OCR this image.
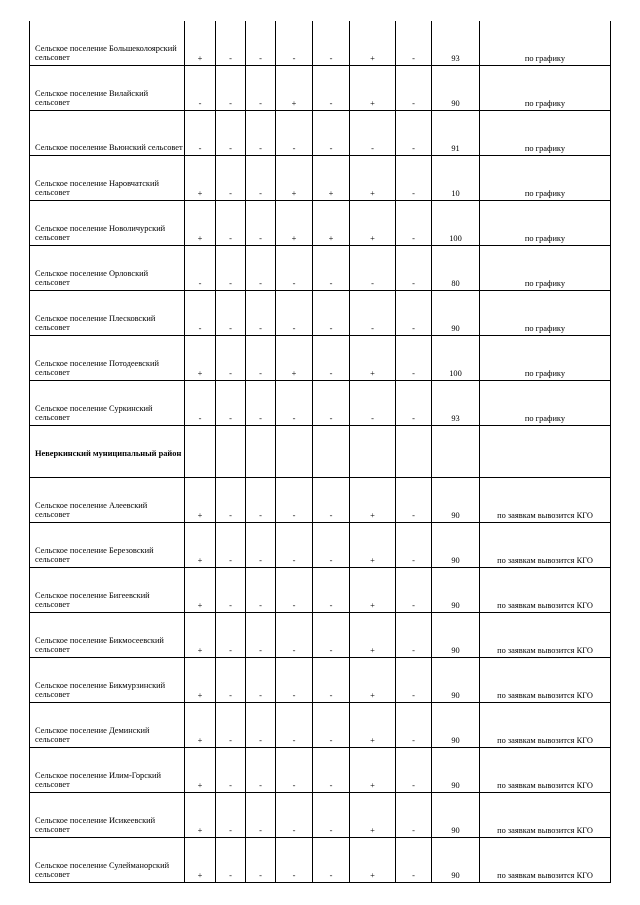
Сельское поселение Большеколоярский сельсовет	+	-	-	-	-	+	-	93	по графику
Сельское поселение Вилайский сельсовет	-	-	-	+	-	+	-	90	по графику
Сельское поселение Вьюнский сельсовет	-	-	-	-	-	-	-	91	по графику
Сельское поселение Наровчатский сельсовет	+	-	-	+	+	+	-	10	по графику
Сельское поселение Новоличурский сельсовет	+	-	-	+	+	+	-	100	по графику
Сельское поселение Орловский сельсовет	-	-	-	-	-	-	-	80	по графику
Сельское поселение Плесковский сельсовет	-	-	-	-	-	-	-	90	по графику
Сельское поселение Потодеевский сельсовет	+	-	-	+	-	+	-	100	по графику
Сельское поселение Суркинский сельсовет	-	-	-	-	-	-	-	93	по графику
Неверкинский муниципальный район									
Сельское поселение Алеевский сельсовет	+	-	-	-	-	+	-	90	по заявкам вывозится КГО
Сельское поселение Березовский сельсовет	+	-	-	-	-	+	-	90	по заявкам вывозится КГО
Сельское поселение Бигеевский сельсовет	+	-	-	-	-	+	-	90	по заявкам вывозится КГО
Сельское поселение Бикмосеевский сельсовет	+	-	-	-	-	+	-	90	по заявкам вывозится КГО
Сельское поселение Бикмурзинский сельсовет	+	-	-	-	-	+	-	90	по заявкам вывозится КГО
Сельское поселение Деминский сельсовет	+	-	-	-	-	+	-	90	по заявкам вывозится КГО
Сельское поселение Илим-Горский сельсовет	+	-	-	-	-	+	-	90	по заявкам вывозится КГО
Сельское поселение Исикеевский сельсовет	+	-	-	-	-	+	-	90	по заявкам вывозится КГО
Сельское поселение Сулейманорский сельсовет	+	-	-	-	-	+	-	90	по заявкам вывозится КГО
